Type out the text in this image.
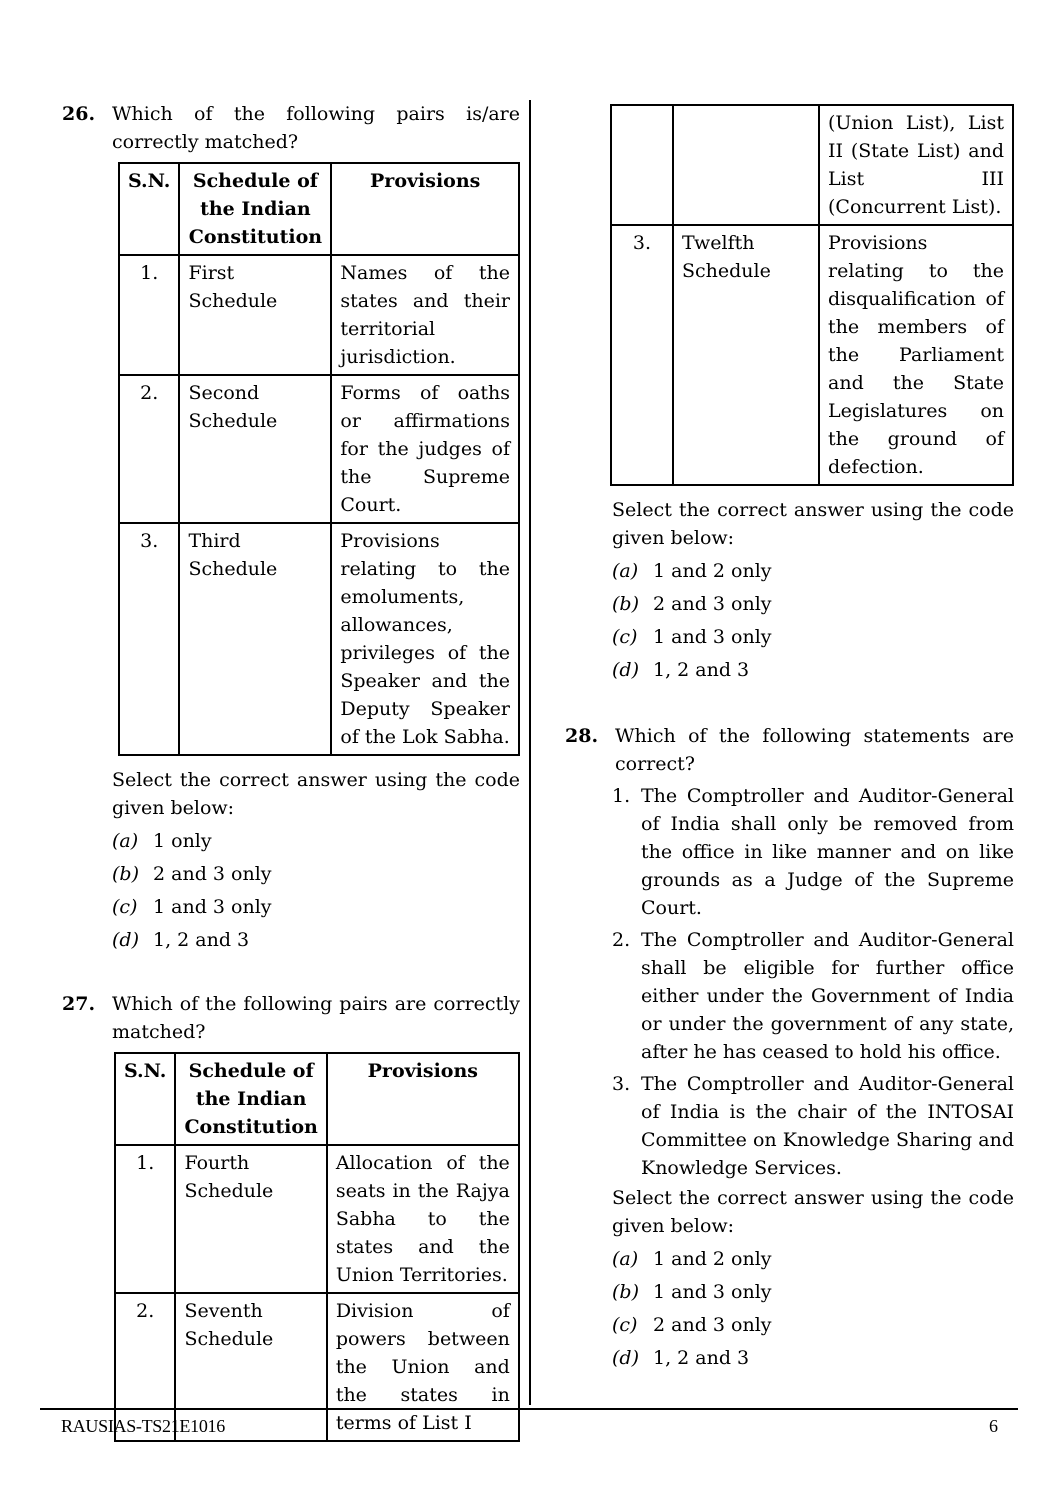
26. Which of the following pairs is/are correctly matched?
S.N.	Schedule of the Indian Constitution	Provisions
1.	First Schedule	Names of the states and their territorial jurisdiction.
2.	Second Schedule	Forms of oaths or affirmations for the judges of the Supreme Court.
3.	Third Schedule	Provisions relating to the emoluments, allowances, privileges of the Speaker and the Deputy Speaker of the Lok Sabha.
Select the correct answer using the code given below:
(a) 1 only
(b) 2 and 3 only
(c) 1 and 3 only
(d) 1, 2 and 3
27. Which of the following pairs are correctly matched?
S.N.	Schedule of the Indian Constitution	Provisions
1.	Fourth Schedule	Allocation of the seats in the Rajya Sabha to the states and the Union Territories.
2.	Seventh Schedule	Division of powers between the Union and the states in terms of List I
		(Union List), List II (State List) and List III (Concurrent List).
3.	Twelfth Schedule	Provisions relating to the disqualification of the members of the Parliament and the State Legislatures on the ground of defection.
Select the correct answer using the code given below:
(a) 1 and 2 only
(b) 2 and 3 only
(c) 1 and 3 only
(d) 1, 2 and 3
28. Which of the following statements are correct?
1. The Comptroller and Auditor-General of India shall only be removed from the office in like manner and on like grounds as a Judge of the Supreme Court.
2. The Comptroller and Auditor-General shall be eligible for further office either under the Government of India or under the government of any state, after he has ceased to hold his office.
3. The Comptroller and Auditor-General of India is the chair of the INTOSAI Committee on Knowledge Sharing and Knowledge Services.
Select the correct answer using the code given below:
(a) 1 and 2 only
(b) 1 and 3 only
(c) 2 and 3 only
(d) 1, 2 and 3
RAUSIAS-TS21E1016	6
